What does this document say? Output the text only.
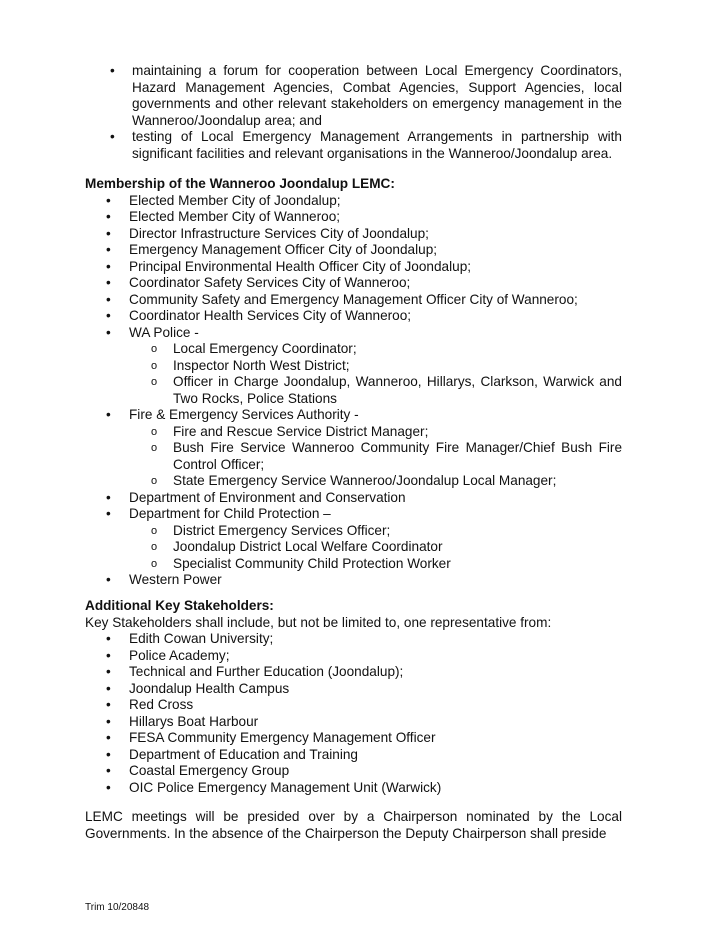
• maintaining a forum for cooperation between Local Emergency Coordinators, Hazard Management Agencies, Combat Agencies, Support Agencies, local governments and other relevant stakeholders on emergency management in the Wanneroo/Joondalup area; and
• testing of Local Emergency Management Arrangements in partnership with significant facilities and relevant organisations in the Wanneroo/Joondalup area.
Membership of the Wanneroo Joondalup LEMC:
• Elected Member City of Joondalup;
• Elected Member City of Wanneroo;
• Director Infrastructure Services City of Joondalup;
• Emergency Management Officer City of Joondalup;
• Principal Environmental Health Officer City of Joondalup;
• Coordinator Safety Services City of Wanneroo;
• Community Safety and Emergency Management Officer City of Wanneroo;
• Coordinator Health Services City of Wanneroo;
• WA Police -
o Local Emergency Coordinator;
o Inspector North West District;
o Officer in Charge Joondalup, Wanneroo, Hillarys, Clarkson, Warwick and Two Rocks, Police Stations
• Fire & Emergency Services Authority -
o Fire and Rescue Service District Manager;
o Bush Fire Service Wanneroo Community Fire Manager/Chief Bush Fire Control Officer;
o State Emergency Service Wanneroo/Joondalup Local Manager;
• Department of Environment and Conservation
• Department for Child Protection –
o District Emergency Services Officer;
o Joondalup District Local Welfare Coordinator
o Specialist Community Child Protection Worker
• Western Power
Additional Key Stakeholders:
Key Stakeholders shall include, but not be limited to, one representative from:
• Edith Cowan University;
• Police Academy;
• Technical and Further Education (Joondalup);
• Joondalup Health Campus
• Red Cross
• Hillarys Boat Harbour
• FESA Community Emergency Management Officer
• Department of Education and Training
• Coastal Emergency Group
• OIC Police Emergency Management Unit (Warwick)
LEMC meetings will be presided over by a Chairperson nominated by the Local Governments. In the absence of the Chairperson the Deputy Chairperson shall preside
Trim 10/20848
